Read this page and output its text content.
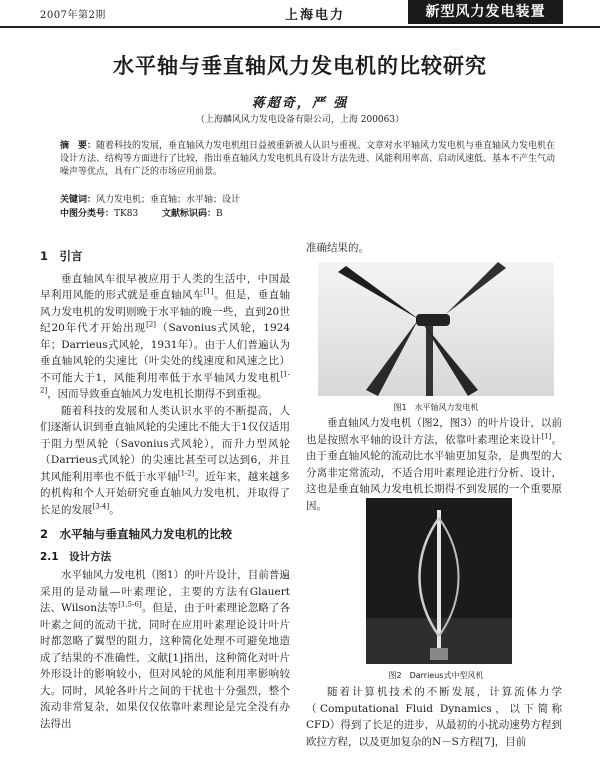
2007年第2期	上海电力	新型风力发电装置
水平轴与垂直轴风力发电机的比较研究
蒋超奇，严 强
（上海麟风风力发电设备有限公司，上海 200063）
摘　要：随着科技的发展，垂直轴风力发电机组日益被重新被人认识与重视。文章对水平轴风力发电机与垂直轴风力发电机在设计方法、结构等方面进行了比较，指出垂直轴风力发电机具有设计方法先进、风能利用率高、启动风速低、基本不产生气动噪声等优点，具有广泛的市场应用前景。
关键词：风力发电机；垂直轴；水平轴；设计
中图分类号：TK83	文献标识码：B
1　引言

垂直轴风车很早被应用于人类的生活中，中国最早利用风能的形式就是垂直轴风车[1]。但是，垂直轴风力发电机的发明则晚于水平轴的晚一些，直到20世纪20年代才开始出现[2]（Savonius式风轮，1924年；Darrieus式风轮，1931年）。由于人们普遍认为垂直轴风轮的尖速比（叶尖处的线速度和风速之比）不可能大于1，风能利用率低于水平轴风力发电机[1-2]，因而导致垂直轴风力发电机长期得不到重视。

随着科技的发展和人类认识水平的不断提高，人们逐渐认识到垂直轴风轮的尖速比不能大于1仅仅适用于阻力型风轮（Savonius式风轮），而升力型风轮（Darrieus式风轮）的尖速比甚至可以达到6，并且其风能利用率也不低于水平轴[1-2]。近年来，越来越多的机构和个人开始研究垂直轴风力发电机，并取得了长足的发展[3-4]。

2　水平轴与垂直轴风力发电机的比较
2.1　设计方法

水平轴风力发电机（图1）的叶片设计，目前普遍采用的是动量—叶素理论，主要的方法有Glauert法、Wilson法等[1,5-6]。但是，由于叶素理论忽略了各叶素之间的流动干扰，同时在应用叶素理论设计叶片时都忽略了翼型的阻力，这种简化处理不可避免地造成了结果的不准确性，文献[1]指出，这种简化对叶片外形设计的影响较小，但对风轮的风能利用率影响较大。同时，风轮各叶片之间的干扰也十分强烈，整个流动非常复杂，如果仅仅依靠叶素理论是完全没有办法得出

准确结果的。

图1　水平轴风力发电机

垂直轴风力发电机（图2，图3）的叶片设计，以前也是按照水平轴的设计方法，依靠叶素理论来设计[1]。由于垂直轴风轮的流动比水平轴更加复杂，是典型的大分离非定常流动，不适合用叶素理论进行分析、设计，这也是垂直轴风力发电机长期得不到发展的一个重要原因。

图2　Darrieus式中型风机

随着计算机技术的不断发展，计算流体力学（Computational Fluid Dynamics，以下简称CFD）得到了长足的进步，从最初的小扰动速势方程到欧拉方程，以及更加复杂的N－S方程[7]，目前
